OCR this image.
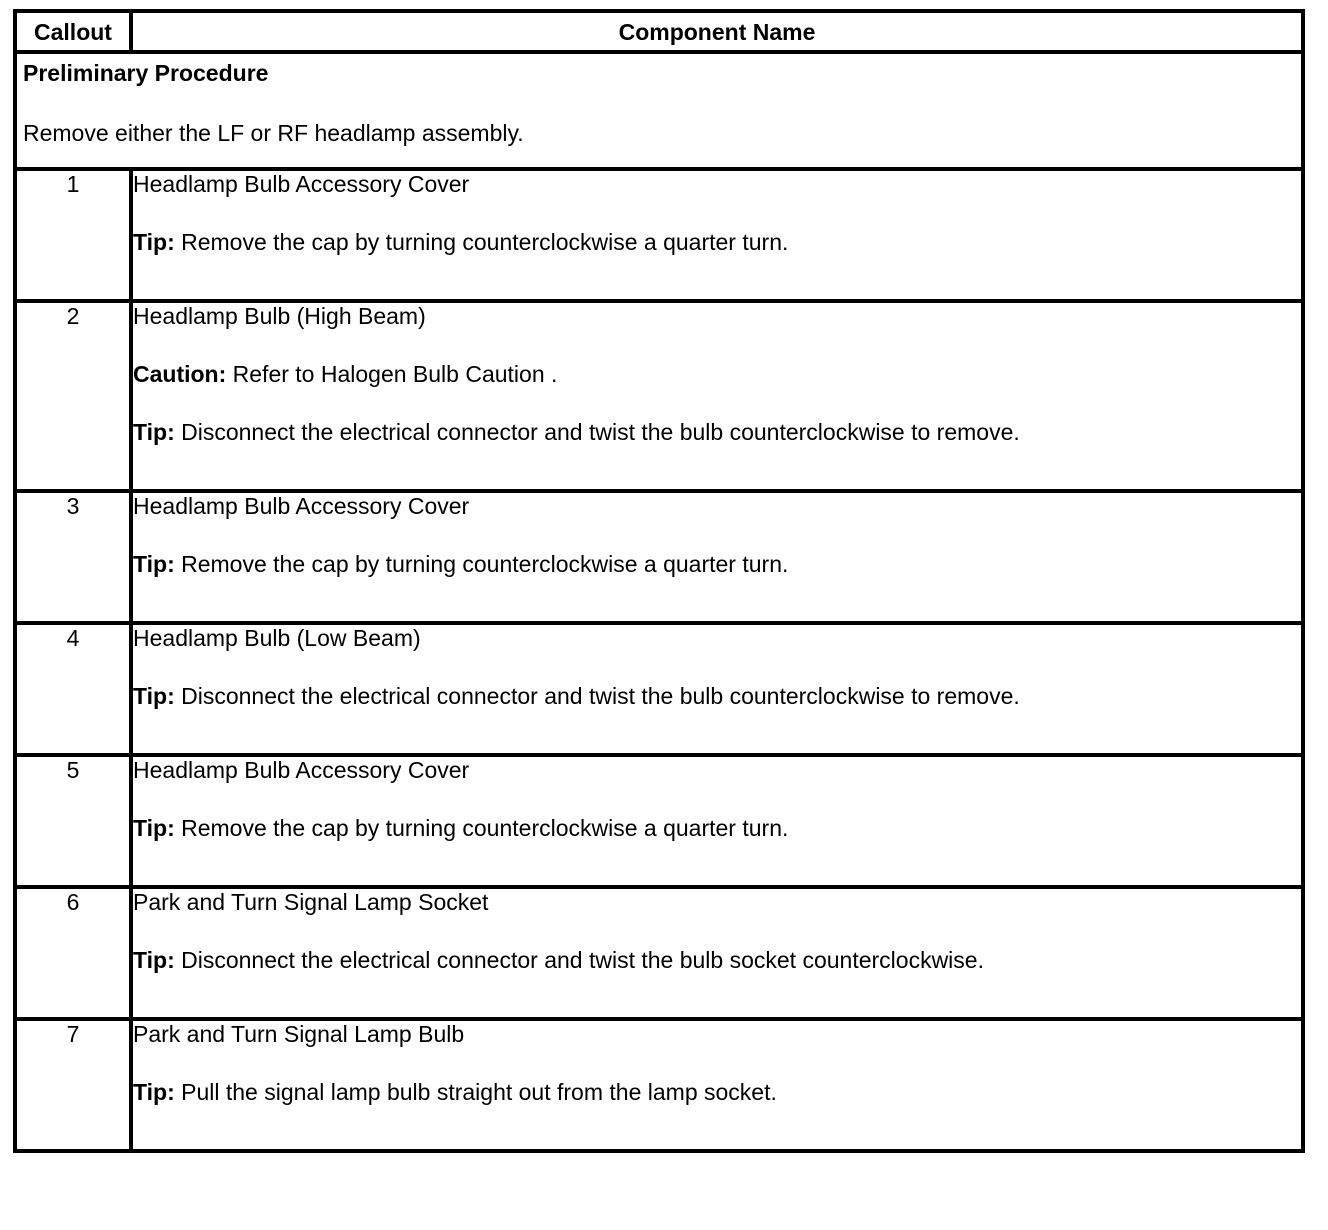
Callout	Component Name

Preliminary Procedure
Remove either the LF or RF headlamp assembly.	

1	Headlamp Bulb Accessory Cover
Tip: Remove the cap by turning counterclockwise a quarter turn.

2	Headlamp Bulb (High Beam)
Caution: Refer to Halogen Bulb Caution .
Tip: Disconnect the electrical connector and twist the bulb counterclockwise to remove.

3	Headlamp Bulb Accessory Cover
Tip: Remove the cap by turning counterclockwise a quarter turn.

4	Headlamp Bulb (Low Beam)
Tip: Disconnect the electrical connector and twist the bulb counterclockwise to remove.

5	Headlamp Bulb Accessory Cover
Tip: Remove the cap by turning counterclockwise a quarter turn.

6	Park and Turn Signal Lamp Socket
Tip: Disconnect the electrical connector and twist the bulb socket counterclockwise.

7	Park and Turn Signal Lamp Bulb
Tip: Pull the signal lamp bulb straight out from the lamp socket.
